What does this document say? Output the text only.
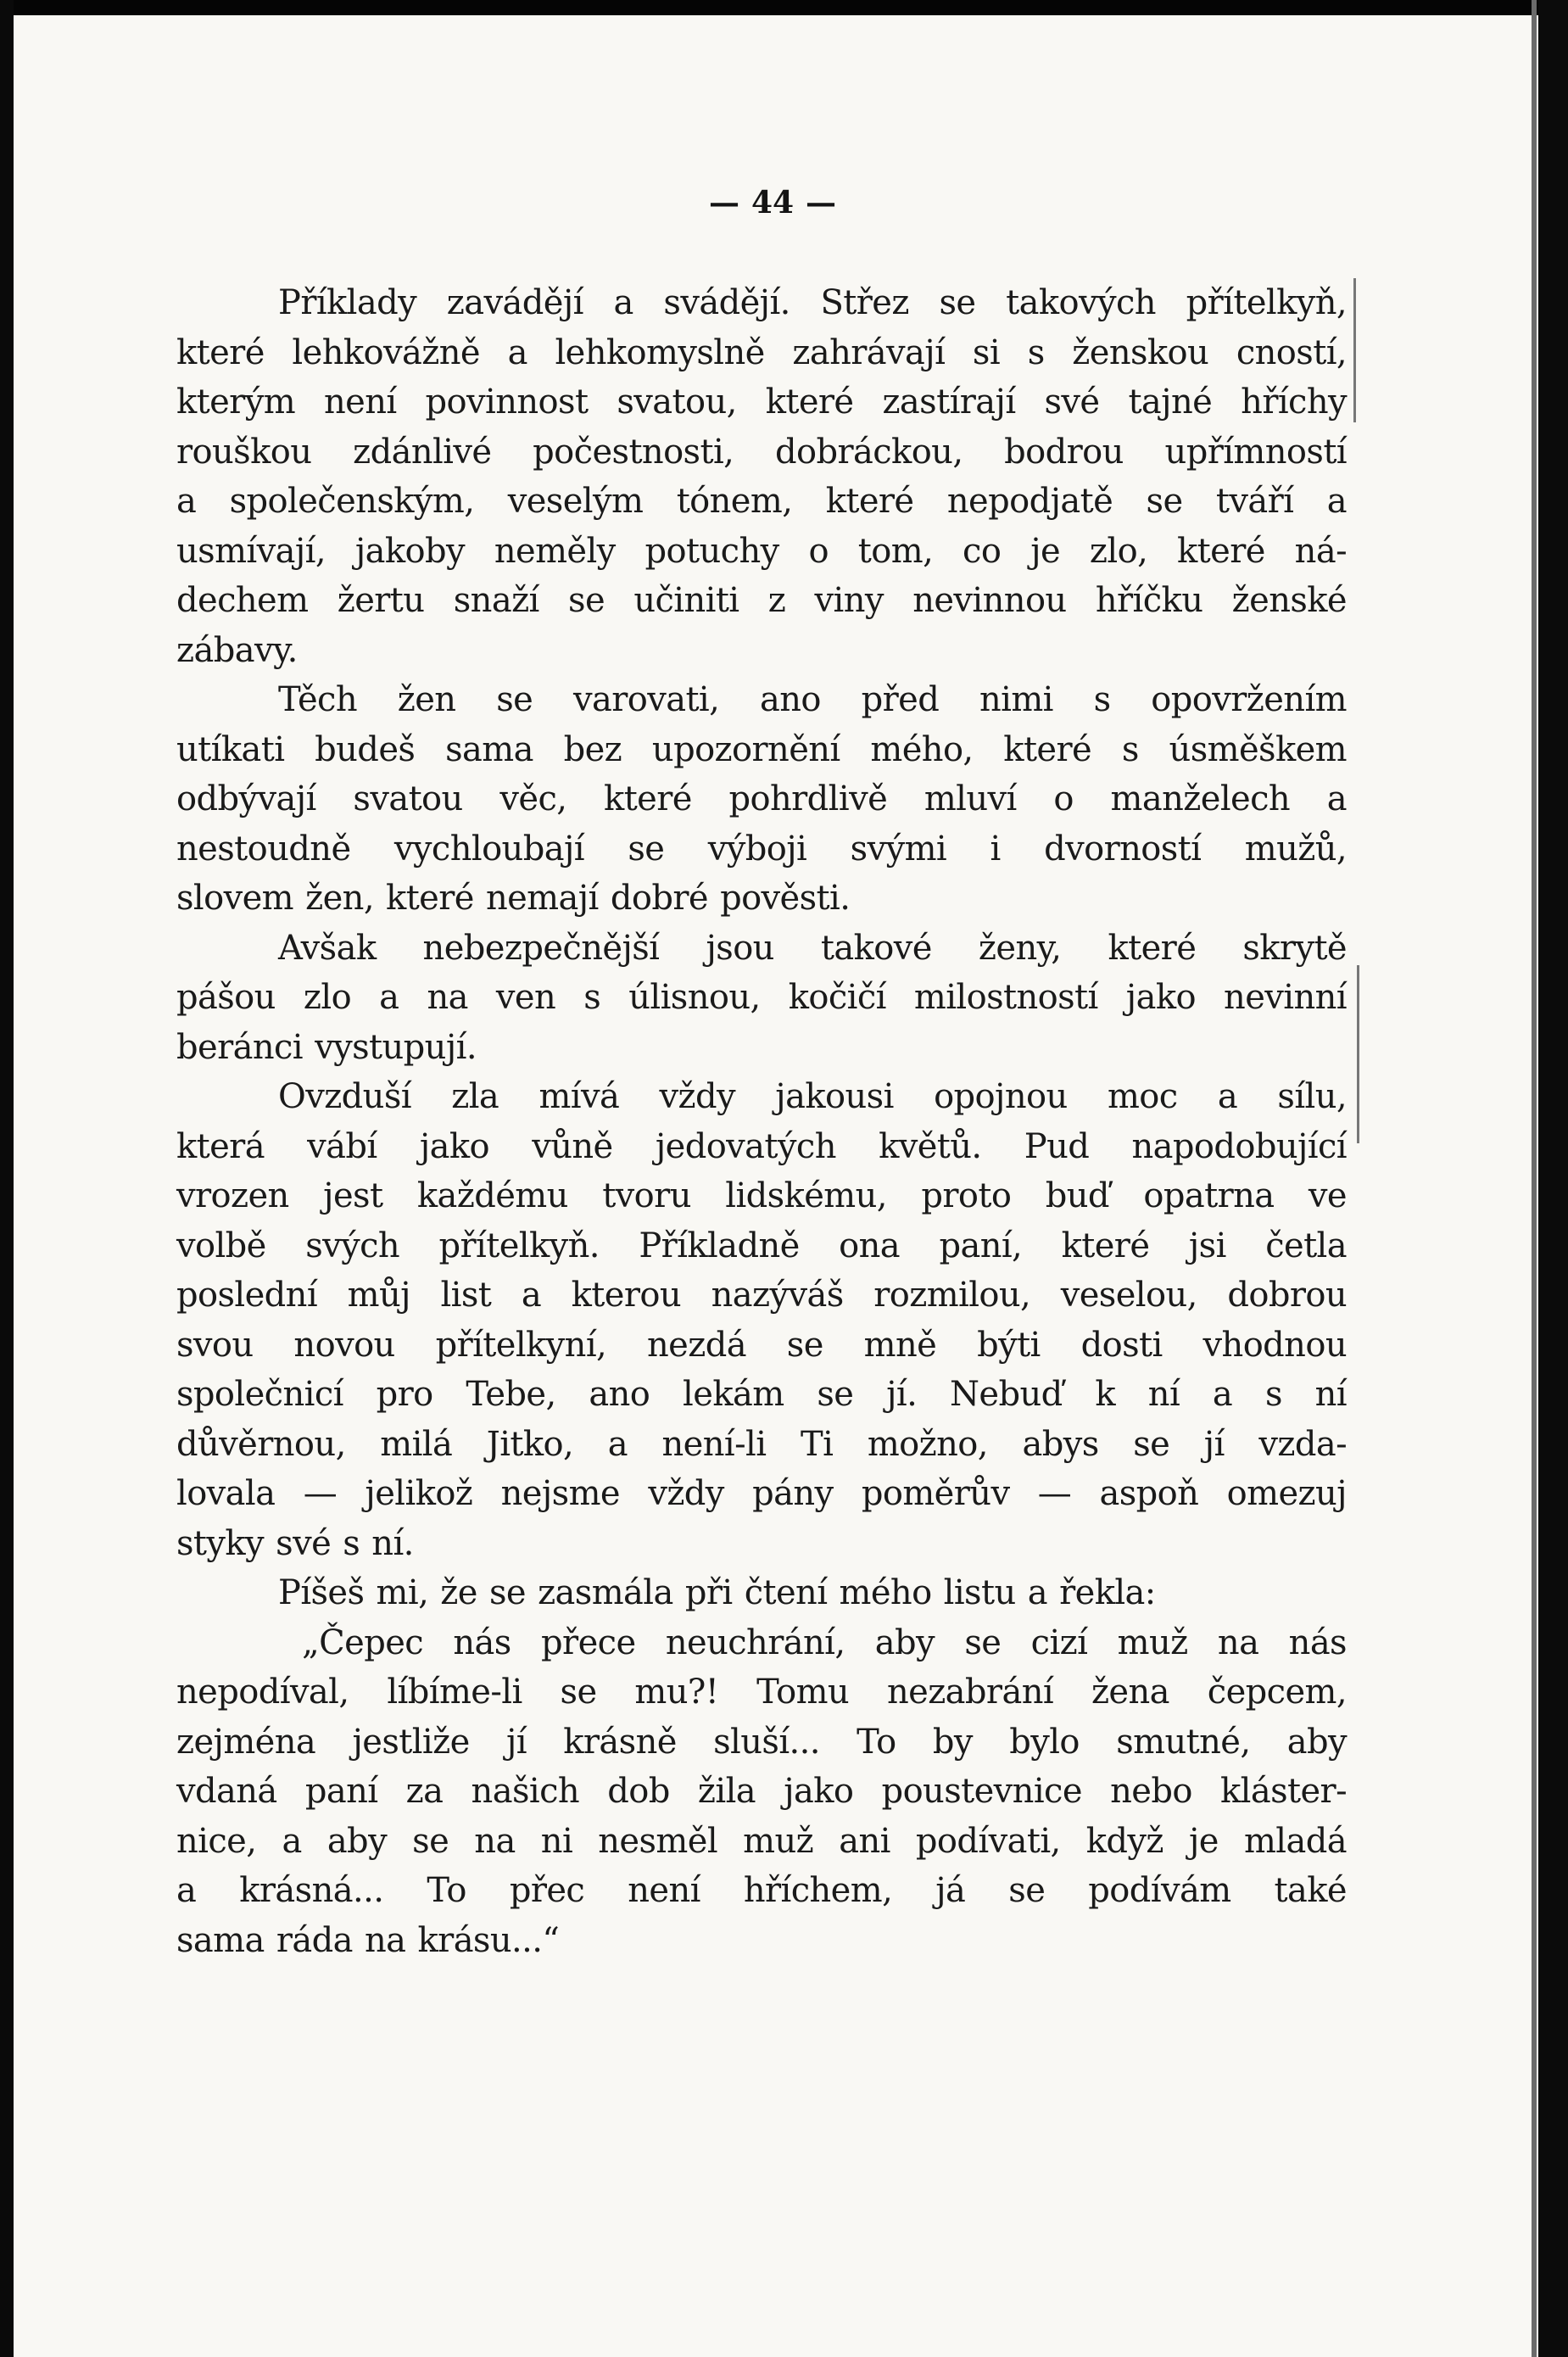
— 44 —
Příklady zavádějí a svádějí. Střez se takových přítelkyň,
které lehkovážně a lehkomyslně zahrávají si s ženskou cností,
kterým není povinnost svatou, které zastírají své tajné hříchy
rouškou zdánlivé počestnosti, dobráckou, bodrou upřímností
a společenským, veselým tónem, které nepodjatě se tváří a
usmívají, jakoby neměly potuchy o tom, co je zlo, které ná-
dechem žertu snaží se učiniti z viny nevinnou hříčku ženské
zábavy.
Těch žen se varovati, ano před nimi s opovržením
utíkati budeš sama bez upozornění mého, které s úsměškem
odbývají svatou věc, které pohrdlivě mluví o manželech a
nestoudně vychloubají se výboji svými i dvorností mužů,
slovem žen, které nemají dobré pověsti.
Avšak nebezpečnější jsou takové ženy, které skrytě
pášou zlo a na ven s úlisnou, kočičí milostností jako nevinní
beránci vystupují.
Ovzduší zla mívá vždy jakousi opojnou moc a sílu,
která vábí jako vůně jedovatých květů. Pud napodobující
vrozen jest každému tvoru lidskému, proto buď opatrna ve
volbě svých přítelkyň. Příkladně ona paní, které jsi četla
poslední můj list a kterou nazýváš rozmilou, veselou, dobrou
svou novou přítelkyní, nezdá se mně býti dosti vhodnou
společnicí pro Tebe, ano lekám se jí. Nebuď k ní a s ní
důvěrnou, milá Jitko, a není-li Ti možno, abys se jí vzda-
lovala — jelikož nejsme vždy pány poměrův — aspoň omezuj
styky své s ní.
Píšeš mi, že se zasmála při čtení mého listu a řekla:
„Čepec nás přece neuchrání, aby se cizí muž na nás
nepodíval, líbíme-li se mu?! Tomu nezabrání žena čepcem,
zejména jestliže jí krásně sluší... To by bylo smutné, aby
vdaná paní za našich dob žila jako poustevnice nebo kláster-
nice, a aby se na ni nesměl muž ani podívati, když je mladá
a krásná... To přec není hříchem, já se podívám také
sama ráda na krásu...“
